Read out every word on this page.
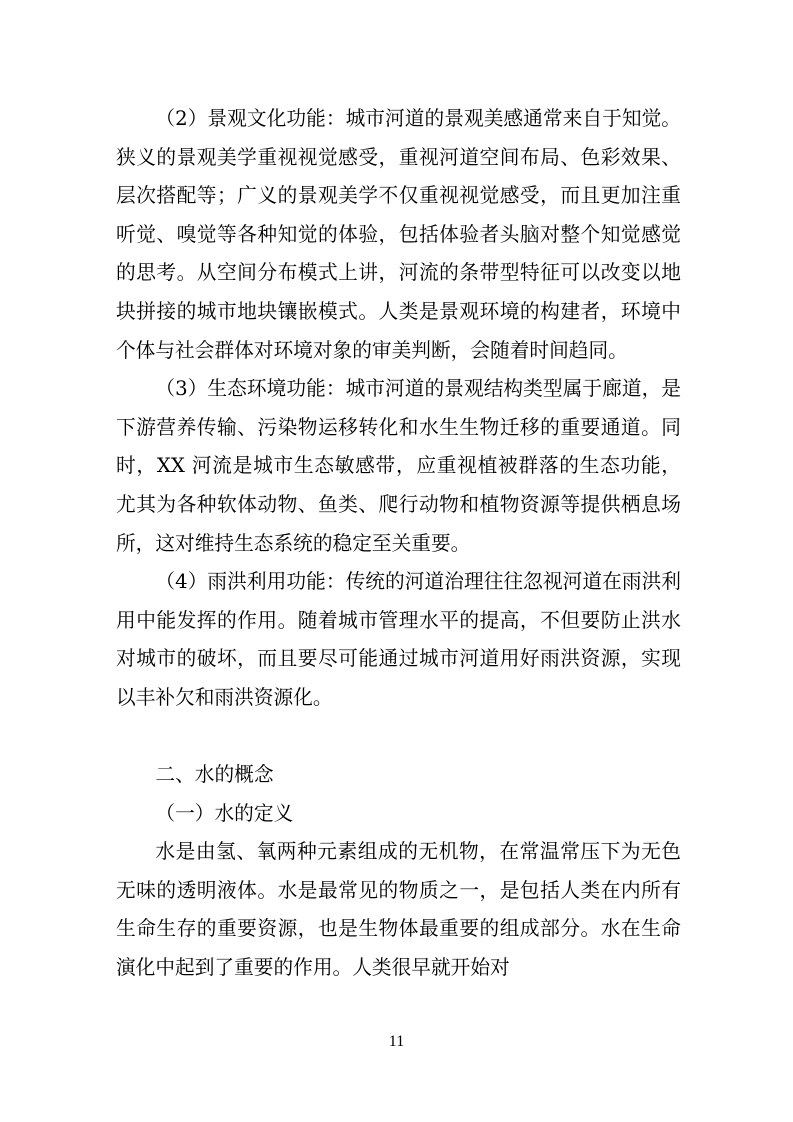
（2）景观文化功能：城市河道的景观美感通常来自于知觉。狭义的景观美学重视视觉感受，重视河道空间布局、色彩效果、层次搭配等；广义的景观美学不仅重视视觉感受，而且更加注重听觉、嗅觉等各种知觉的体验，包括体验者头脑对整个知觉感觉的思考。从空间分布模式上讲，河流的条带型特征可以改变以地块拼接的城市地块镶嵌模式。人类是景观环境的构建者，环境中个体与社会群体对环境对象的审美判断，会随着时间趋同。

（3）生态环境功能：城市河道的景观结构类型属于廊道，是下游营养传输、污染物运移转化和水生生物迁移的重要通道。同时，XX 河流是城市生态敏感带，应重视植被群落的生态功能，尤其为各种软体动物、鱼类、爬行动物和植物资源等提供栖息场所，这对维持生态系统的稳定至关重要。

（4）雨洪利用功能：传统的河道治理往往忽视河道在雨洪利用中能发挥的作用。随着城市管理水平的提高，不但要防止洪水对城市的破坏，而且要尽可能通过城市河道用好雨洪资源，实现以丰补欠和雨洪资源化。

二、水的概念

（一）水的定义

水是由氢、氧两种元素组成的无机物，在常温常压下为无色无味的透明液体。水是最常见的物质之一，是包括人类在内所有生命生存的重要资源，也是生物体最重要的组成部分。水在生命演化中起到了重要的作用。人类很早就开始对

11
